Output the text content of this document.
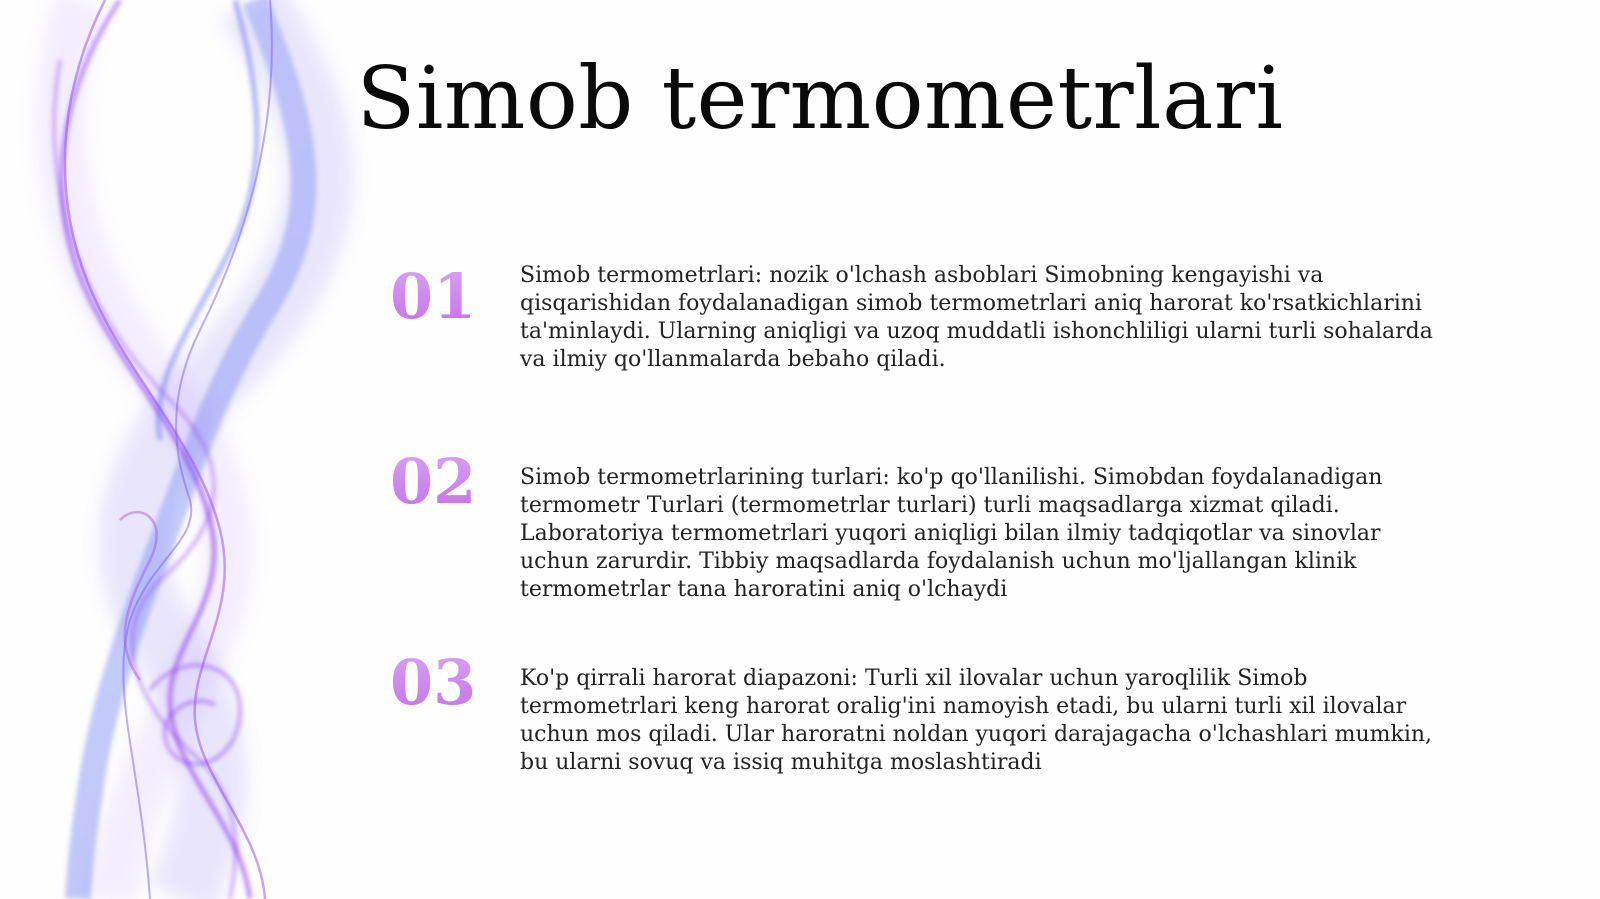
Simob termometrlari
01	Simob termometrlari: nozik o'lchash asboblari Simobning kengayishi va qisqarishidan foydalanadigan simob termometrlari aniq harorat ko'rsatkichlarini ta'minlaydi. Ularning aniqligi va uzoq muddatli ishonchliligi ularni turli sohalarda va ilmiy qo'llanmalarda bebaho qiladi.

02	Simob termometrlarining turlari: ko'p qo'llanilishi. Simobdan foydalanadigan termometr Turlari (termometrlar turlari) turli maqsadlarga xizmat qiladi. Laboratoriya termometrlari yuqori aniqligi bilan ilmiy tadqiqotlar va sinovlar uchun zarurdir. Tibbiy maqsadlarda foydalanish uchun mo'ljallangan klinik termometrlar tana haroratini aniq o'lchaydi

03	Ko'p qirrali harorat diapazoni: Turli xil ilovalar uchun yaroqlilik Simob termometrlari keng harorat oralig'ini namoyish etadi, bu ularni turli xil ilovalar uchun mos qiladi. Ular haroratni noldan yuqori darajagacha o'lchashlari mumkin, bu ularni sovuq va issiq muhitga moslashtiradi
